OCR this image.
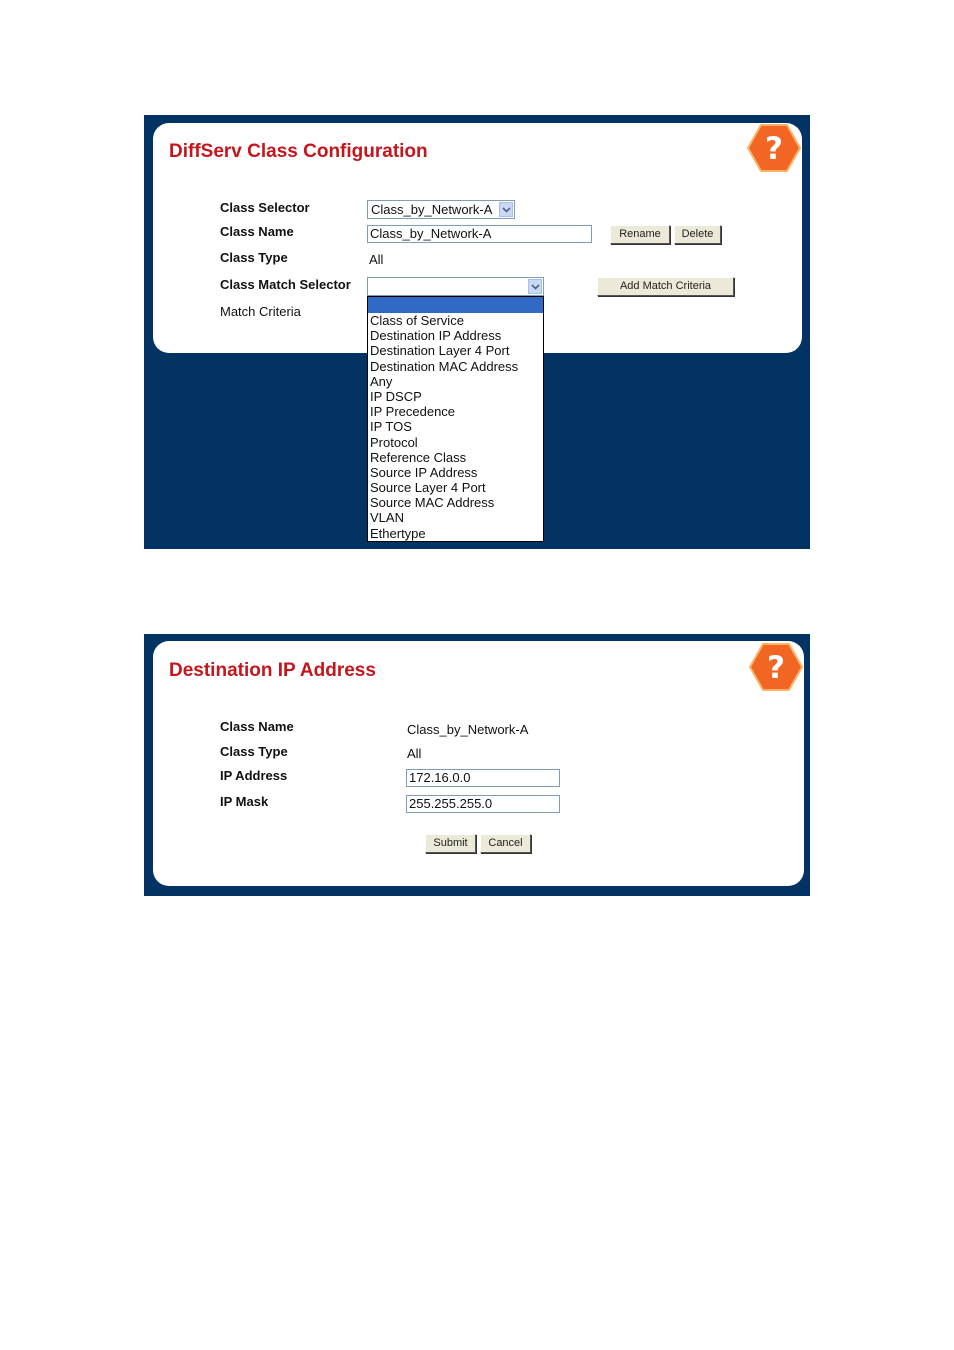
DiffServ Class Configuration	?
Class Selector	Class_by_Network-A
Class Name	Class_by_Network-A	Rename	Delete
Class Type	All
Class Match Selector	Add Match Criteria
Match Criteria
Class of Service
Destination IP Address
Destination Layer 4 Port
Destination MAC Address
Any
IP DSCP
IP Precedence
IP TOS
Protocol
Reference Class
Source IP Address
Source Layer 4 Port
Source MAC Address
VLAN
Ethertype
Destination IP Address	?
Class Name	Class_by_Network-A
Class Type	All
IP Address	172.16.0.0
IP Mask	255.255.255.0
Submit	Cancel
